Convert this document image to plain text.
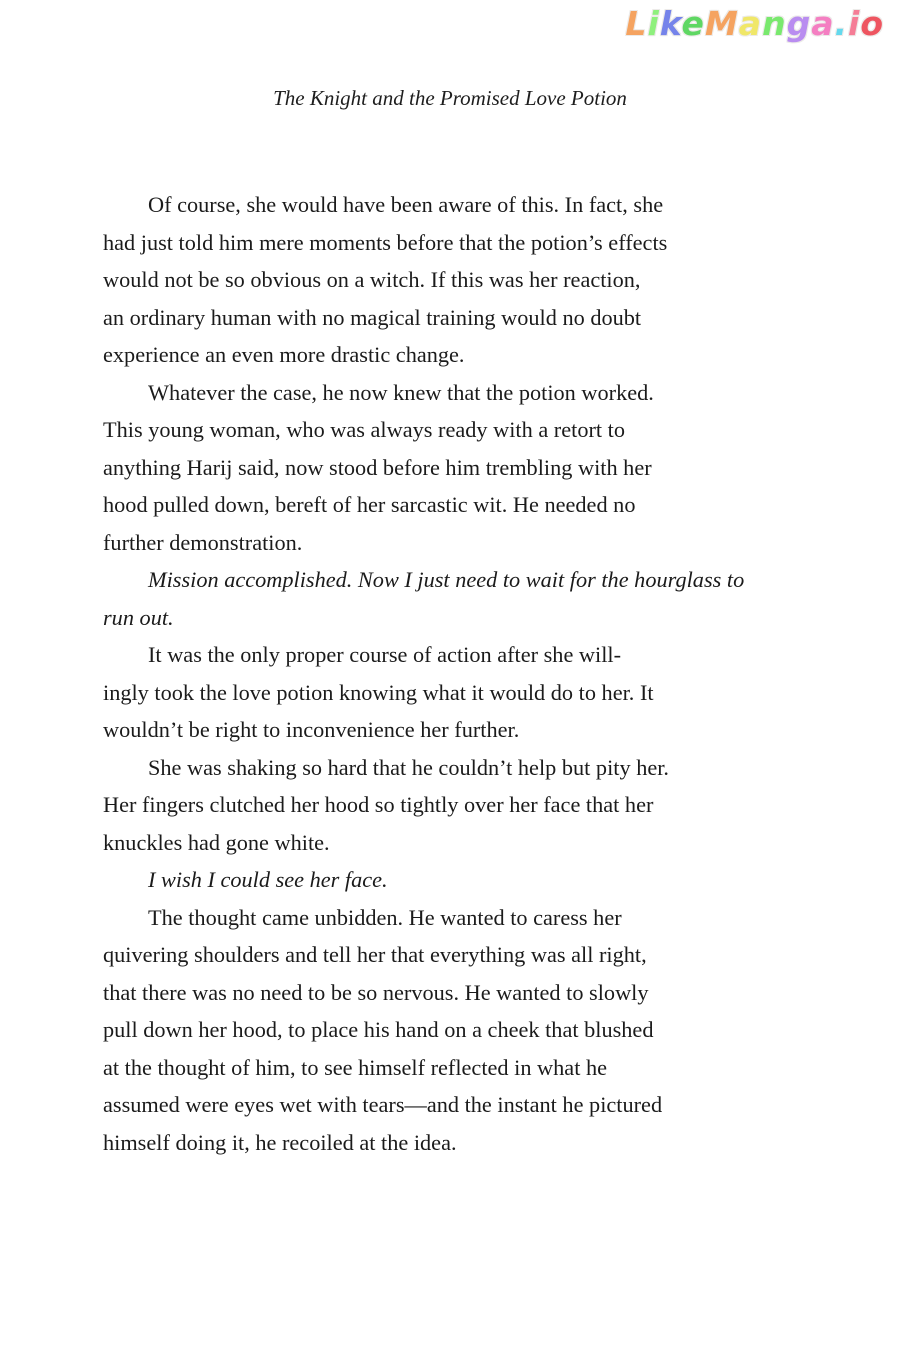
LikeManga.io
The Knight and the Promised Love Potion
Of course, she would have been aware of this. In fact, she
had just told him mere moments before that the potion’s effects
would not be so obvious on a witch. If this was her reaction,
an ordinary human with no magical training would no doubt
experience an even more drastic change.
Whatever the case, he now knew that the potion worked.
This young woman, who was always ready with a retort to
anything Harij said, now stood before him trembling with her
hood pulled down, bereft of her sarcastic wit. He needed no
further demonstration.
Mission accomplished. Now I just need to wait for the hourglass to
run out.
It was the only proper course of action after she will-
ingly took the love potion knowing what it would do to her. It
wouldn’t be right to inconvenience her further.
She was shaking so hard that he couldn’t help but pity her.
Her fingers clutched her hood so tightly over her face that her
knuckles had gone white.
I wish I could see her face.
The thought came unbidden. He wanted to caress her
quivering shoulders and tell her that everything was all right,
that there was no need to be so nervous. He wanted to slowly
pull down her hood, to place his hand on a cheek that blushed
at the thought of him, to see himself reflected in what he
assumed were eyes wet with tears—and the instant he pictured
himself doing it, he recoiled at the idea.
